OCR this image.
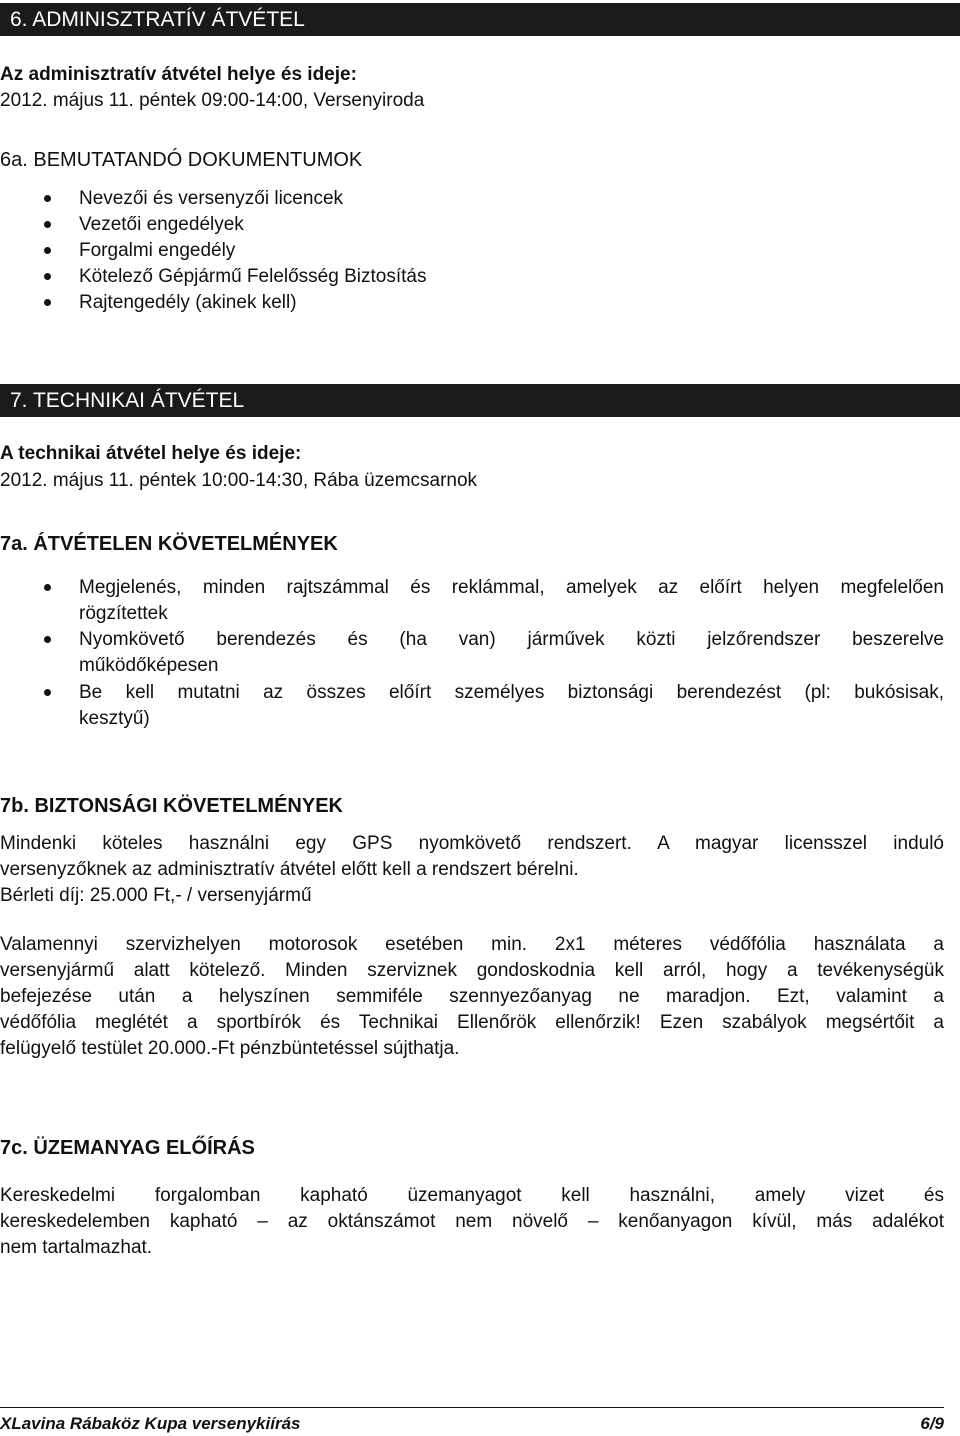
6. ADMINISZTRATÍV ÁTVÉTEL
Az adminisztratív átvétel helye és ideje:
2012. május 11. péntek 09:00-14:00, Versenyiroda
6a. BEMUTATANDÓ DOKUMENTUMOK
Nevezői és versenyzői licencek
Vezetői engedélyek
Forgalmi engedély
Kötelező Gépjármű Felelősség Biztosítás
Rajtengedély (akinek kell)
7. TECHNIKAI ÁTVÉTEL
A technikai átvétel helye és ideje:
2012. május 11. péntek 10:00-14:30, Rába üzemcsarnok
7a. ÁTVÉTELEN KÖVETELMÉNYEK
Megjelenés, minden rajtszámmal és reklámmal, amelyek az előírt helyen megfelelően
rögzítettek
Nyomkövető berendezés és (ha van) járművek közti jelzőrendszer beszerelve
működőképesen
Be kell mutatni az összes előírt személyes biztonsági berendezést (pl: bukósisak,
kesztyű)
7b. BIZTONSÁGI KÖVETELMÉNYEK
Mindenki köteles használni egy GPS nyomkövető rendszert. A magyar licensszel induló
versenyzőknek az adminisztratív átvétel előtt kell a rendszert bérelni.
Bérleti díj: 25.000 Ft,- / versenyjármű
Valamennyi szervizhelyen motorosok esetében min. 2x1 méteres védőfólia használata a
versenyjármű alatt kötelező. Minden szerviznek gondoskodnia kell arról, hogy a tevékenységük
befejezése után a helyszínen semmiféle szennyezőanyag ne maradjon. Ezt, valamint a
védőfólia meglétét a sportbírók és Technikai Ellenőrök ellenőrzik! Ezen szabályok megsértőit a
felügyelő testület 20.000.-Ft pénzbüntetéssel sújthatja.
7c. ÜZEMANYAG ELŐÍRÁS
Kereskedelmi forgalomban kapható üzemanyagot kell használni, amely vizet és
kereskedelemben kapható – az oktánszámot nem növelő – kenőanyagon kívül, más adalékot
nem tartalmazhat.
XLavina Rábaköz Kupa versenykiírás	6/9
